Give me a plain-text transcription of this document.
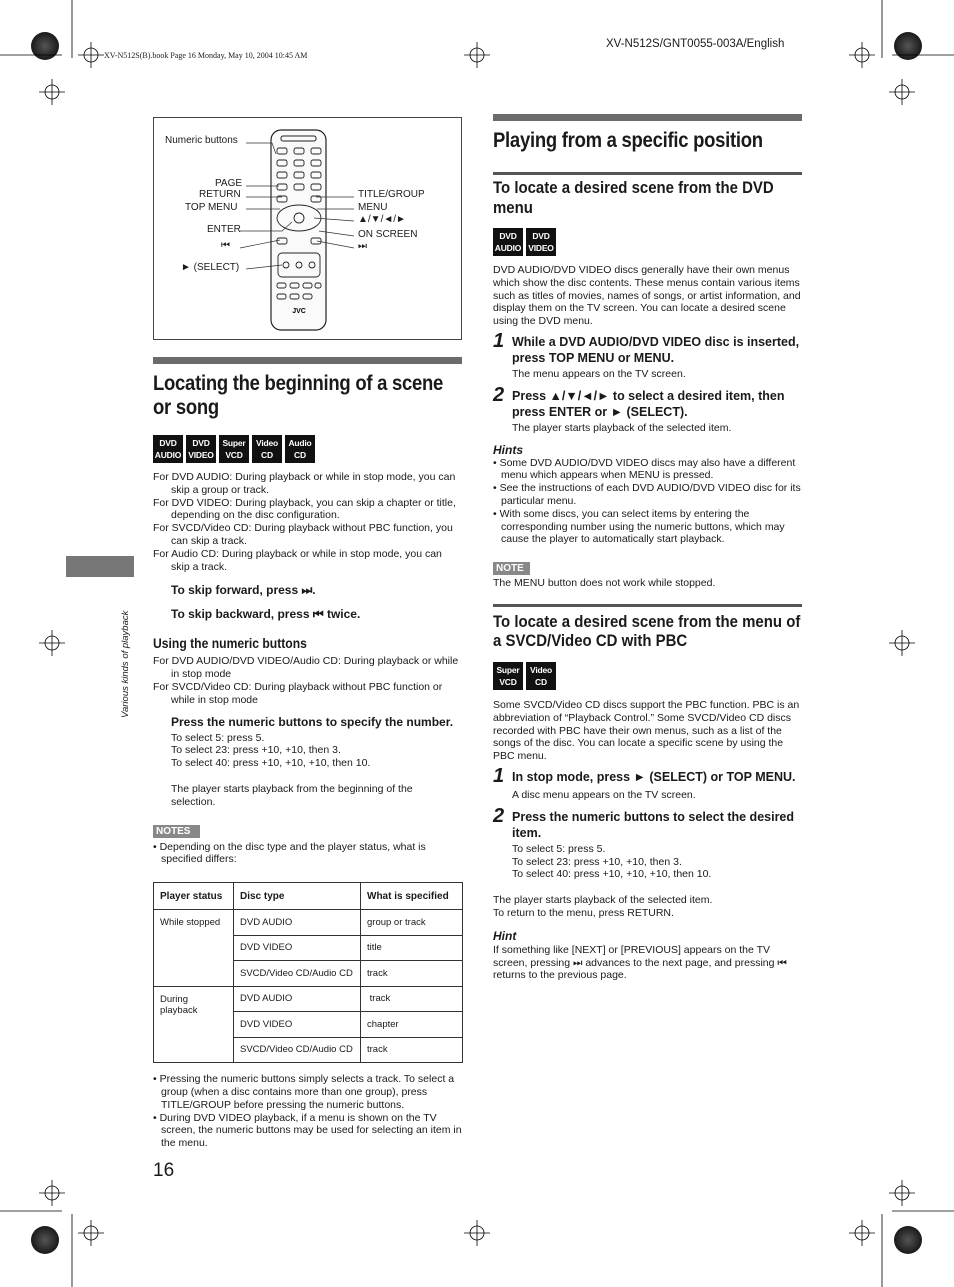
XV-N512S(B).book Page 16 Monday, May 10, 2004 10:45 AM
XV-N512S/GNT0055-003A/English
Various kinds of playback
JVC
Numeric buttons
PAGE
RETURN
TOP MENU
ENTER
⏮
► (SELECT)
TITLE/GROUP
MENU
▲/▼/◄/►
ON SCREEN
⏭
Locating the beginning of a scene or song
DVD
AUDIO
DVD
VIDEO
Super
VCD
Video
CD
Audio
CD

For DVD AUDIO: During playback or while in stop mode, you can skip a group or track.

For DVD VIDEO: During playback, you can skip a chapter or title, depending on the disc configuration.

For SVCD/Video CD: During playback without PBC function, you can skip a track.

For Audio CD: During playback or while in stop mode, you can skip a track.

To skip forward, press ⏭.
To skip backward, press ⏮ twice.
Using the numeric buttons

For DVD AUDIO/DVD VIDEO/Audio CD: During playback or while in stop mode

For SVCD/Video CD: During playback without PBC function or while in stop mode

Press the numeric buttons to specify the number.
To select 5: press 5.
To select 23: press +10, +10, then 3.
To select 40: press +10, +10, +10, then 10.
The player starts playback from the beginning of the selection.
NOTES

• Depending on the disc type and the player status, what is specified differs:

Player status	Disc type	What is specified
While stopped	DVD AUDIO	group or track
	DVD VIDEO	title
	SVCD/Video CD/Audio CD	track
During playback	DVD AUDIO	track
	DVD VIDEO	chapter
	SVCD/Video CD/Audio CD	track

• Pressing the numeric buttons simply selects a track. To select a group (when a disc contains more than one group), press TITLE/GROUP before pressing the numeric buttons.

• During DVD VIDEO playback, if a menu is shown on the TV screen, the numeric buttons may be used for selecting an item in the menu.

16
Playing from a specific position
To locate a desired scene from the DVD menu
DVD
AUDIO
DVD
VIDEO

DVD AUDIO/DVD VIDEO discs generally have their own menus which show the disc contents. These menus contain various items such as titles of movies, names of songs, or artist information, and display them on the TV screen. You can locate a desired scene using the DVD menu.

1 While a DVD AUDIO/DVD VIDEO disc is inserted, press TOP MENU or MENU.
The menu appears on the TV screen.
2 Press ▲/▼/◄/► to select a desired item, then press ENTER or ► (SELECT).
The player starts playback of the selected item.
Hints

• Some DVD AUDIO/DVD VIDEO discs may also have a different menu which appears when MENU is pressed.

• See the instructions of each DVD AUDIO/DVD VIDEO disc for its particular menu.

• With some discs, you can select items by entering the corresponding number using the numeric buttons, which may cause the player to automatically start playback.

NOTE
The MENU button does not work while stopped.
To locate a desired scene from the menu of a SVCD/Video CD with PBC
Super
VCD
Video
CD

Some SVCD/Video CD discs support the PBC function. PBC is an abbreviation of “Playback Control.” Some SVCD/Video CD discs recorded with PBC have their own menus, such as a list of the songs of the disc. You can locate a specific scene by using the PBC menu.

1 In stop mode, press ► (SELECT) or TOP MENU.
A disc menu appears on the TV screen.
2 Press the numeric buttons to select the desired item.
To select 5: press 5.
To select 23: press +10, +10, then 3.
To select 40: press +10, +10, +10, then 10.
The player starts playback of the selected item.
To return to the menu, press RETURN.
Hint

If something like [NEXT] or [PREVIOUS] appears on the TV screen, pressing ⏭ advances to the next page, and pressing ⏮ returns to the previous page.
